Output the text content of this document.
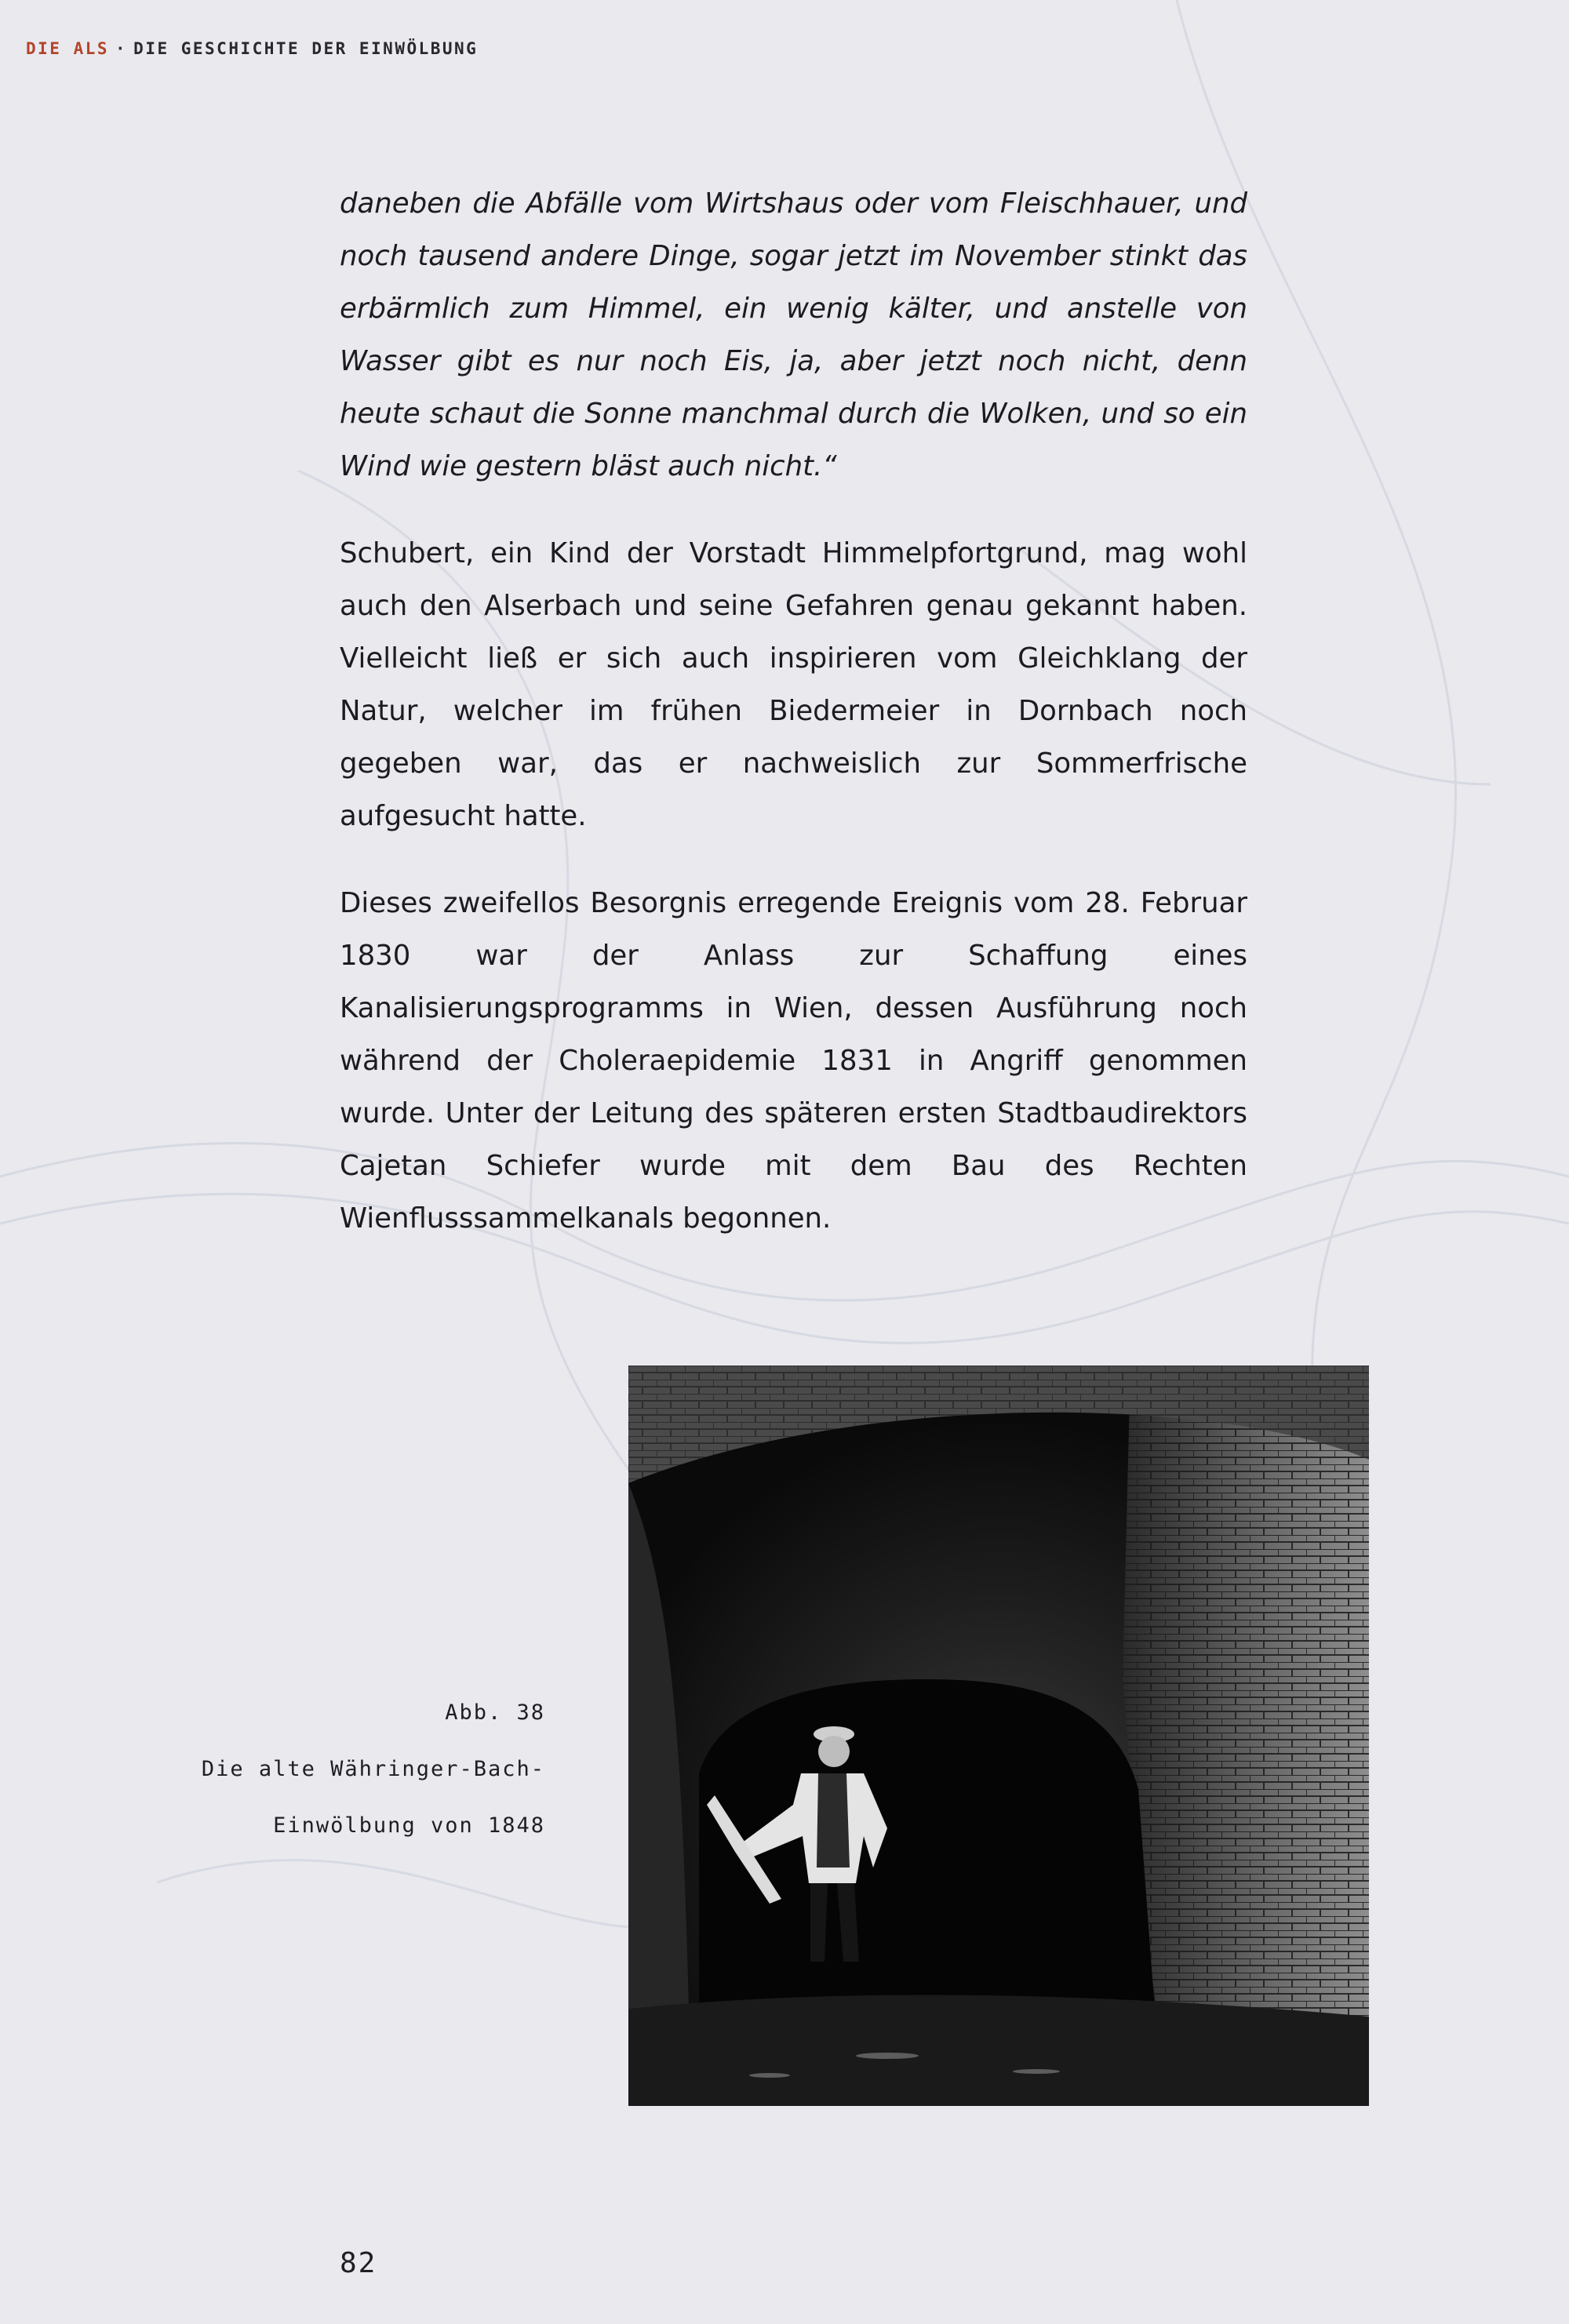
DIE ALS · DIE GESCHICHTE DER EINWÖLBUNG

daneben die Abfälle vom Wirtshaus oder vom Fleischhauer, und noch tausend andere Dinge, sogar jetzt im November stinkt das erbärmlich zum Himmel, ein wenig kälter, und anstelle von Wasser gibt es nur noch Eis, ja, aber jetzt noch nicht, denn heute schaut die Sonne manchmal durch die Wolken, und so ein Wind wie gestern bläst auch nicht.“

Schubert, ein Kind der Vorstadt Himmelpfortgrund, mag wohl auch den Alserbach und seine Gefahren genau gekannt haben. Vielleicht ließ er sich auch inspirieren vom Gleichklang der Natur, welcher im frühen Biedermeier in Dornbach noch gegeben war, das er nachweislich zur Sommerfrische aufgesucht hatte.

Dieses zweifellos Besorgnis erregende Ereignis vom 28. Februar 1830 war der Anlass zur Schaffung eines Kanalisierungsprogramms in Wien, dessen Ausführung noch während der Choleraepidemie 1831 in Angriff genommen wurde. Unter der Leitung des späteren ersten Stadtbaudirektors Cajetan Schiefer wurde mit dem Bau des Rechten Wienflusssammelkanals begonnen.

Abb. 38
Die alte Währinger-Bach-
Einwölbung von 1848
82
